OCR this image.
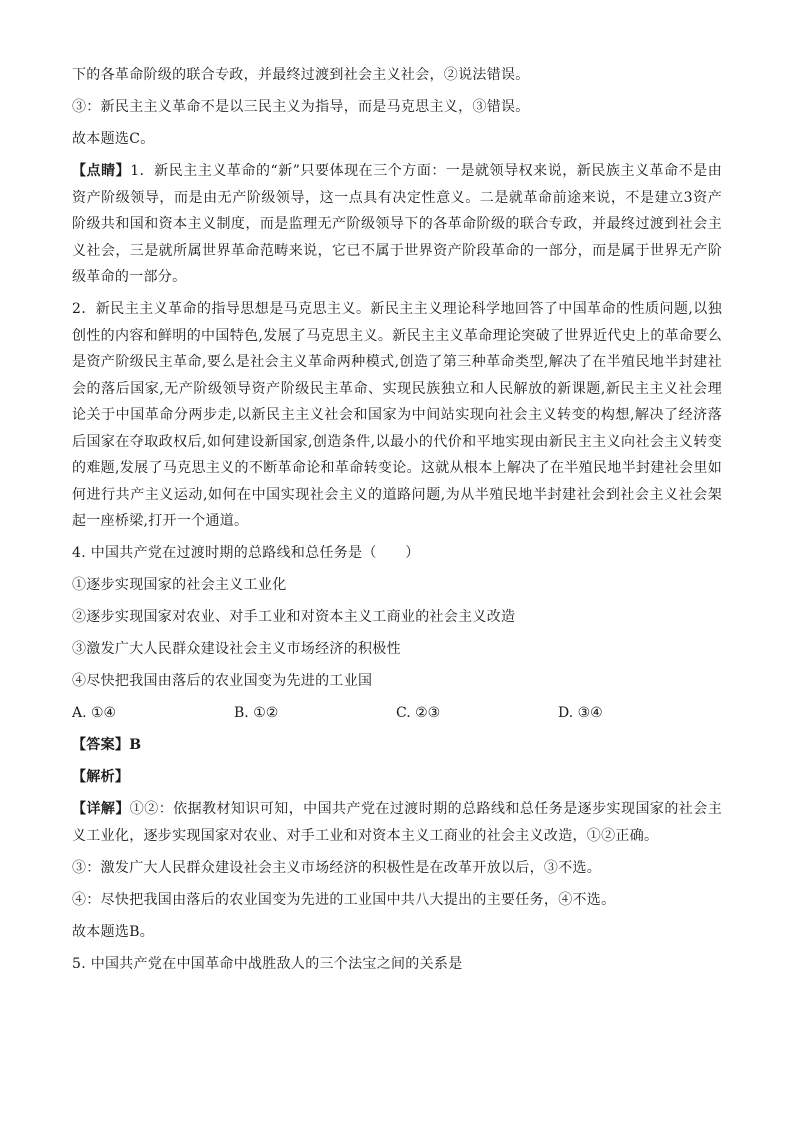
下的各革命阶级的联合专政，并最终过渡到社会主义社会，②说法错误。

③：新民主主义革命不是以三民主义为指导，而是马克思主义，③错误。

故本题选C。

【点睛】1．新民主主义革命的“新”只要体现在三个方面：一是就领导权来说，新民族主义革命不是由资产阶级领导，而是由无产阶级领导，这一点具有决定性意义。二是就革命前途来说，不是建立3资产阶级共和国和资本主义制度，而是监理无产阶级领导下的各革命阶级的联合专政，并最终过渡到社会主义社会，三是就所属世界革命范畴来说，它已不属于世界资产阶段革命的一部分，而是属于世界无产阶级革命的一部分。

2．新民主主义革命的指导思想是马克思主义。新民主主义理论科学地回答了中国革命的性质问题,以独创性的内容和鲜明的中国特色,发展了马克思主义。新民主主义革命理论突破了世界近代史上的革命要么是资产阶级民主革命,要么是社会主义革命两种模式,创造了第三种革命类型,解决了在半殖民地半封建社会的落后国家,无产阶级领导资产阶级民主革命、实现民族独立和人民解放的新课题,新民主主义社会理论关于中国革命分两步走,以新民主主义社会和国家为中间站实现向社会主义转变的构想,解决了经济落后国家在夺取政权后,如何建设新国家,创造条件,以最小的代价和平地实现由新民主主义向社会主义转变的难题,发展了马克思主义的不断革命论和革命转变论。这就从根本上解决了在半殖民地半封建社会里如何进行共产主义运动,如何在中国实现社会主义的道路问题,为从半殖民地半封建社会到社会主义社会架起一座桥梁,打开一个通道。

4. 中国共产党在过渡时期的总路线和总任务是（　　）

①逐步实现国家的社会主义工业化

②逐步实现国家对农业、对手工业和对资本主义工商业的社会主义改造

③激发广大人民群众建设社会主义市场经济的积极性

④尽快把我国由落后的农业国变为先进的工业国

A. ①④	B. ①②	C. ②③	D. ③④

【答案】B

【解析】

【详解】①②：依据教材知识可知，中国共产党在过渡时期的总路线和总任务是逐步实现国家的社会主义工业化，逐步实现国家对农业、对手工业和对资本主义工商业的社会主义改造，①②正确。

③：激发广大人民群众建设社会主义市场经济的积极性是在改革开放以后，③不选。

④：尽快把我国由落后的农业国变为先进的工业国中共八大提出的主要任务，④不选。

故本题选B。

5. 中国共产党在中国革命中战胜敌人的三个法宝之间的关系是
